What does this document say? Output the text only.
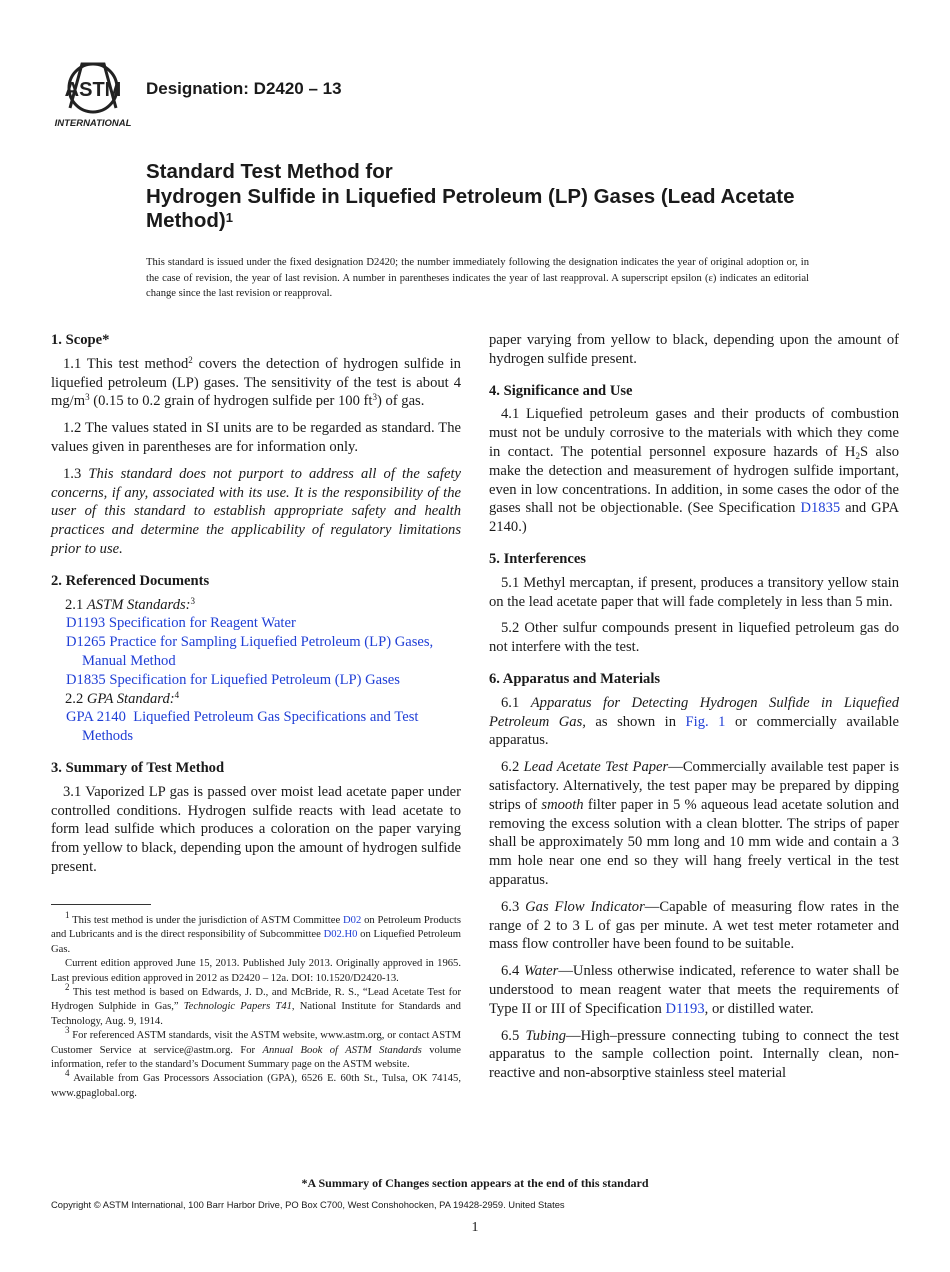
ASTM
INTERNATIONAL
Designation: D2420 – 13
Standard Test Method for
Hydrogen Sulfide in Liquefied Petroleum (LP) Gases (Lead Acetate Method)$^1$
This standard is issued under the fixed designation D2420; the number immediately following the designation indicates the year of original adoption or, in the case of revision, the year of last revision. A number in parentheses indicates the year of last reapproval. A superscript epsilon (ε) indicates an editorial change since the last revision or reapproval.
1. Scope*

1.1 This test method$^2$ covers the detection of hydrogen sulfide in liquefied petroleum (LP) gases. The sensitivity of the test is about 4 $mg/m^3$ (0.15 to 0.2 grain of hydrogen sulfide per 100 $ft^3$) of gas.

1.2 The values stated in SI units are to be regarded as standard. The values given in parentheses are for information only.

1.3 This standard does not purport to address all of the safety concerns, if any, associated with its use. It is the responsibility of the user of this standard to establish appropriate safety and health practices and determine the applicability of regulatory limitations prior to use.

2. Referenced Documents
2.1 ASTM Standards:$^3$
D1193 Specification for Reagent Water
D1265 Practice for Sampling Liquefied Petroleum (LP) Gases, Manual Method
D1835 Specification for Liquefied Petroleum (LP) Gases
2.2 GPA Standard:$^4$
GPA 2140 Liquefied Petroleum Gas Specifications and Test Methods
3. Summary of Test Method

3.1 Vaporized LP gas is passed over moist lead acetate paper under controlled conditions. Hydrogen sulfide reacts with lead acetate to form lead sulfide which produces a coloration on the paper varying from yellow to black, depending upon the amount of hydrogen sulfide present.

paper varying from yellow to black, depending upon the amount of hydrogen sulfide present.

4. Significance and Use

4.1 Liquefied petroleum gases and their products of combustion must not be unduly corrosive to the materials with which they come in contact. The potential personnel exposure hazards of $H_2S$ also make the detection and measurement of hydrogen sulfide important, even in low concentrations. In addition, in some cases the odor of the gases shall not be objectionable. (See Specification D1835 and GPA 2140.)

5. Interferences

5.1 Methyl mercaptan, if present, produces a transitory yellow stain on the lead acetate paper that will fade completely in less than 5 min.

5.2 Other sulfur compounds present in liquefied petroleum gas do not interfere with the test.

6. Apparatus and Materials

6.1 Apparatus for Detecting Hydrogen Sulfide in Liquefied Petroleum Gas, as shown in Fig. 1 or commercially available apparatus.

6.2 Lead Acetate Test Paper—Commercially available test paper is satisfactory. Alternatively, the test paper may be prepared by dipping strips of smooth filter paper in 5 % aqueous lead acetate solution and removing the excess solution with a clean blotter. The strips of paper shall be approximately 50 mm long and 10 mm wide and contain a 3 mm hole near one end so they will hang freely vertical in the test apparatus.

6.3 Gas Flow Indicator—Capable of measuring flow rates in the range of 2 to 3 L of gas per minute. A wet test meter rotameter and mass flow controller have been found to be suitable.

6.4 Water—Unless otherwise indicated, reference to water shall be understood to mean reagent water that meets the requirements of Type II or III of Specification D1193, or distilled water.

6.5 Tubing—High–pressure connecting tubing to connect the test apparatus to the sample collection point. Internally clean, non-reactive and non-absorptive stainless steel material

$^1$ This test method is under the jurisdiction of ASTM Committee D02 on Petroleum Products and Lubricants and is the direct responsibility of Subcommittee D02.H0 on Liquefied Petroleum Gas.

Current edition approved June 15, 2013. Published July 2013. Originally approved in 1965. Last previous edition approved in 2012 as D2420 – 12a. DOI: 10.1520/D2420-13.

$^2$ This test method is based on Edwards, J. D., and McBride, R. S., “Lead Acetate Test for Hydrogen Sulphide in Gas,” Technologic Papers T41, National Institute for Standards and Technology, Aug. 9, 1914.

$^3$ For referenced ASTM standards, visit the ASTM website, www.astm.org, or contact ASTM Customer Service at service@astm.org. For Annual Book of ASTM Standards volume information, refer to the standard’s Document Summary page on the ASTM website.

$^4$ Available from Gas Processors Association (GPA), 6526 E. 60th St., Tulsa, OK 74145, www.gpaglobal.org.

*A Summary of Changes section appears at the end of this standard
Copyright © ASTM International, 100 Barr Harbor Drive, PO Box C700, West Conshohocken, PA 19428-2959. United States
1
